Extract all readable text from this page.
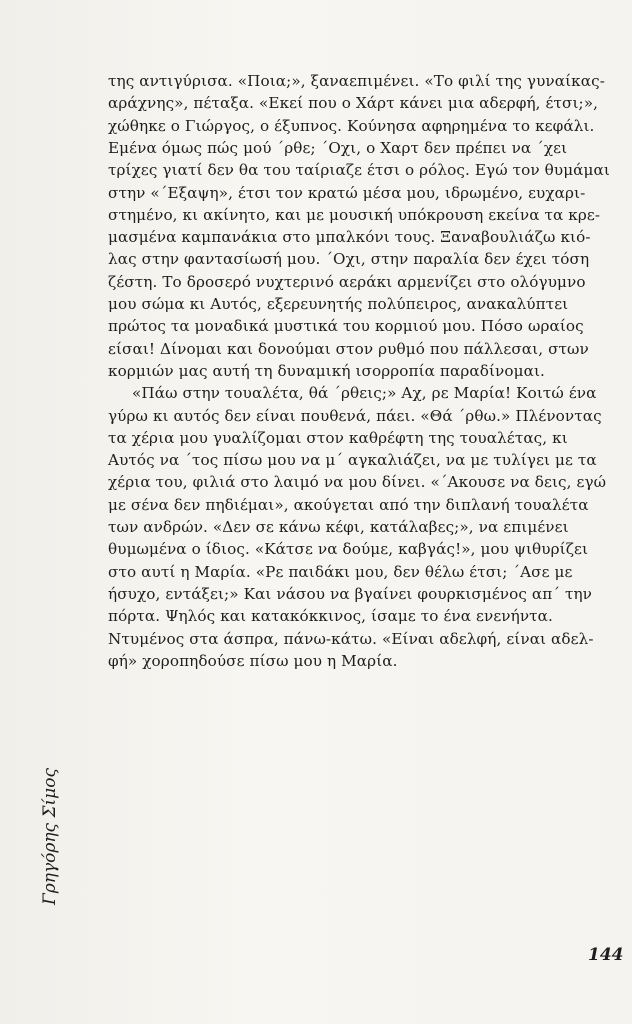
της αντιγύρισα. «Ποια;», ξαναεπιμένει. «Το φιλί της γυναίκας-
αράχνης», πέταξα. «Εκεί που ο Χάρτ κάνει μια αδερφή, έτσι;»,
χώθηκε ο Γιώργος, ο έξυπνος. Κούνησα αφηρημένα το κεφάλι.
Εμένα όμως πώς μού ΄ρθε; ΄Οχι, ο Χαρτ δεν πρέπει να ΄χει
τρίχες γιατί δεν θα του ταίριαζε έτσι ο ρόλος. Εγώ τον θυμάμαι
στην «΄Εξαψη», έτσι τον κρατώ μέσα μου, ιδρωμένο, ευχαρι-
στημένο, κι ακίνητο, και με μουσική υπόκρουση εκείνα τα κρε-
μασμένα καμπανάκια στο μπαλκόνι τους. Ξαναβουλιάζω κιό-
λας στην φαντασίωσή μου. ΄Οχι, στην παραλία δεν έχει τόση
ζέστη. Το δροσερό νυχτερινό αεράκι αρμενίζει στο ολόγυμνο
μου σώμα κι Αυτός, εξερευνητής πολύπειρος, ανακαλύπτει
πρώτος τα μοναδικά μυστικά του κορμιού μου. Πόσο ωραίος
είσαι! Δίνομαι και δονούμαι στον ρυθμό που πάλλεσαι, στων
κορμιών μας αυτή τη δυναμική ισορροπία παραδίνομαι.
«Πάω στην τουαλέτα, θά ΄ρθεις;» Αχ, ρε Μαρία! Κοιτώ ένα
γύρω κι αυτός δεν είναι πουθενά, πάει. «Θά ΄ρθω.» Πλένοντας
τα χέρια μου γυαλίζομαι στον καθρέφτη της τουαλέτας, κι
Αυτός να ΄τος πίσω μου να μ΄ αγκαλιάζει, να με τυλίγει με τα
χέρια του, φιλιά στο λαιμό να μου δίνει. «΄Ακουσε να δεις, εγώ
με σένα δεν πηδιέμαι», ακούγεται από την διπλανή τουαλέτα
των ανδρών. «Δεν σε κάνω κέφι, κατάλαβες;», να επιμένει
θυμωμένα ο ίδιος. «Κάτσε να δούμε, καβγάς!», μου ψιθυρίζει
στο αυτί η Μαρία. «Ρε παιδάκι μου, δεν θέλω έτσι; ΄Ασε με
ήσυχο, εντάξει;» Και νάσου να βγαίνει φουρκισμένος απ΄ την
πόρτα. Ψηλός και κατακόκκινος, ίσαμε το ένα ενενήντα.
Ντυμένος στα άσπρα, πάνω-κάτω. «Είναι αδελφή, είναι αδελ-
φή» χοροπηδούσε πίσω μου η Μαρία.
Γρηγόρης Σίμος
144
